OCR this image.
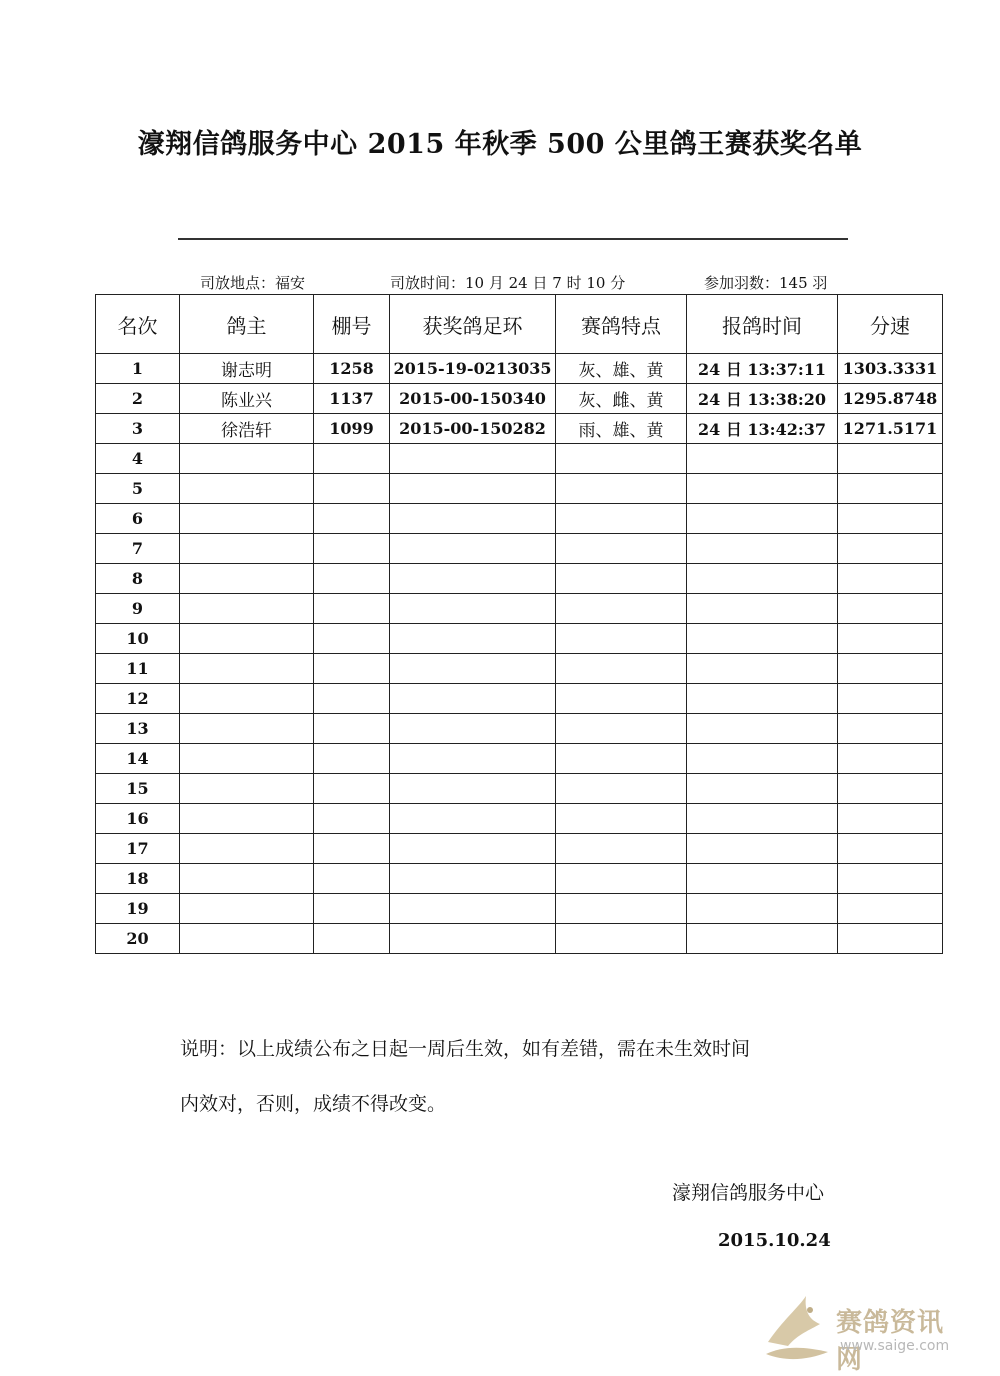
濠翔信鸽服务中心 2015 年秋季 500 公里鸽王赛获奖名单
司放地点：福安	司放时间：10 月 24 日 7 时 10 分	参加羽数：145 羽
名次	鸽主	棚号	获奖鸽足环	赛鸽特点	报鸽时间	分速
1	谢志明	1258	2015-19-0213035	灰、雄、黄	24 日 13:37:11	1303.3331
2	陈业兴	1137	2015-00-150340	灰、雌、黄	24 日 13:38:20	1295.8748
3	徐浩轩	1099	2015-00-150282	雨、雄、黄	24 日 13:42:37	1271.5171
4						
5						
6						
7						
8						
9						
10						
11						
12						
13						
14						
15						
16						
17						
18						
19						
20						

说明：以上成绩公布之日起一周后生效，如有差错，需在未生效时间

内效对，否则，成绩不得改变。

濠翔信鸽服务中心
2015.10.24
赛鸽资讯网
www.saige.com
